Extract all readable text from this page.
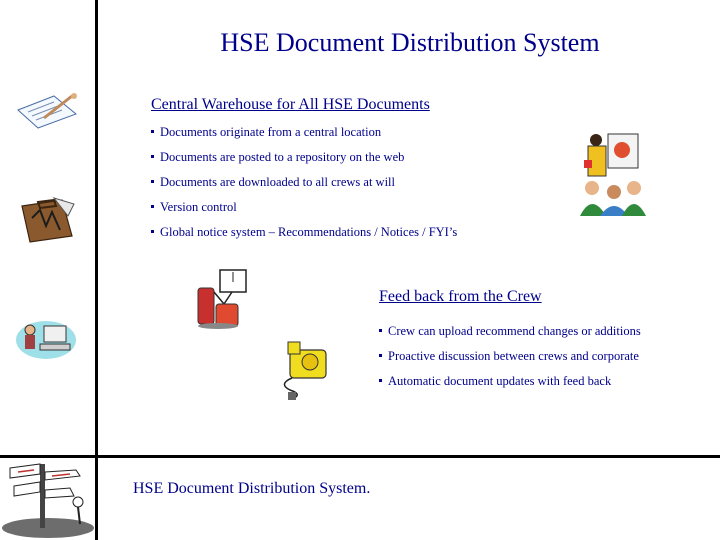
HSE Document Distribution System
Central Warehouse for All HSE Documents
Documents originate from a central location
Documents are posted to a repository on the web
Documents are downloaded to all crews at will
Version control
Global notice system – Recommendations / Notices / FYI’s
Feed back from the Crew
Crew can upload recommend changes or additions
Proactive discussion between crews and corporate
Automatic document updates with feed back
HSE Document Distribution System.
